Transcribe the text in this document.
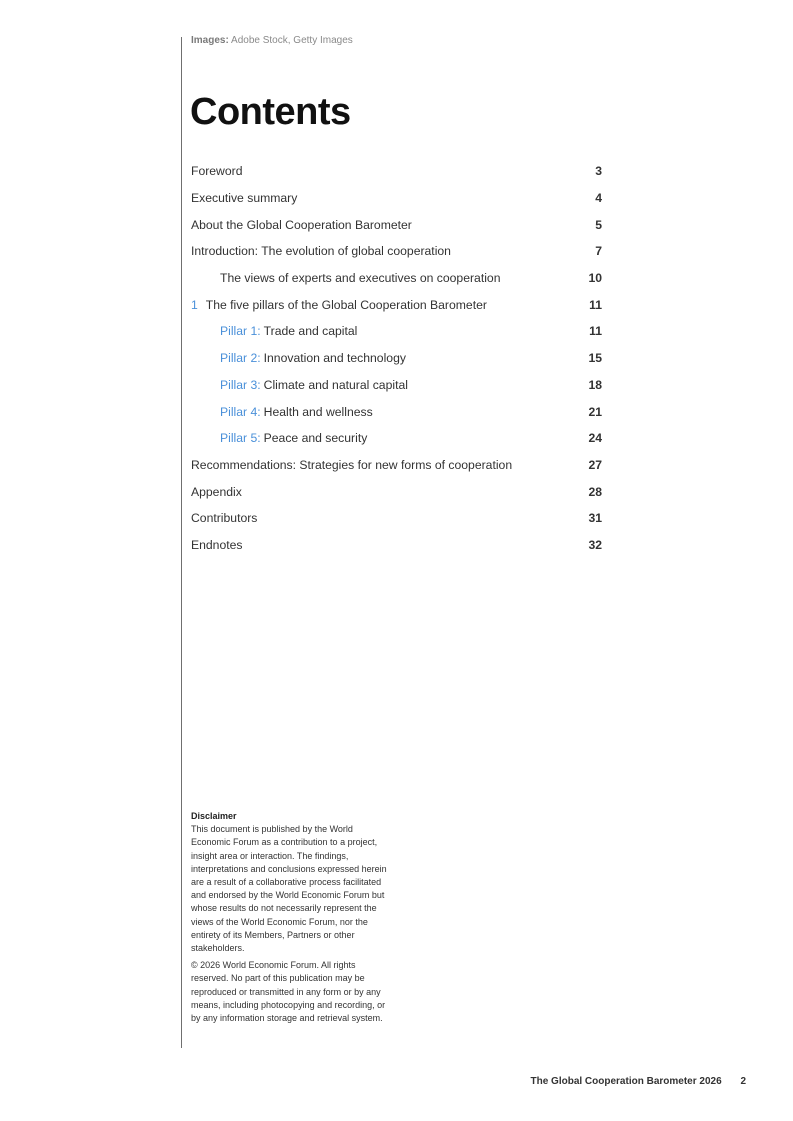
Images: Adobe Stock, Getty Images
Contents
Foreword	3
Executive summary	4
About the Global Cooperation Barometer	5
Introduction: The evolution of global cooperation	7
The views of experts and executives on cooperation	10
1 The five pillars of the Global Cooperation Barometer	11
Pillar 1: Trade and capital	11
Pillar 2: Innovation and technology	15
Pillar 3: Climate and natural capital	18
Pillar 4: Health and wellness	21
Pillar 5: Peace and security	24
Recommendations: Strategies for new forms of cooperation	27
Appendix	28
Contributors	31
Endnotes	32
Disclaimer

This document is published by the World Economic Forum as a contribution to a project, insight area or interaction. The findings, interpretations and conclusions expressed herein are a result of a collaborative process facilitated and endorsed by the World Economic Forum but whose results do not necessarily represent the views of the World Economic Forum, nor the entirety of its Members, Partners or other stakeholders.

© 2026 World Economic Forum. All rights reserved. No part of this publication may be reproduced or transmitted in any form or by any means, including photocopying and recording, or by any information storage and retrieval system.

The Global Cooperation Barometer 2026 2
